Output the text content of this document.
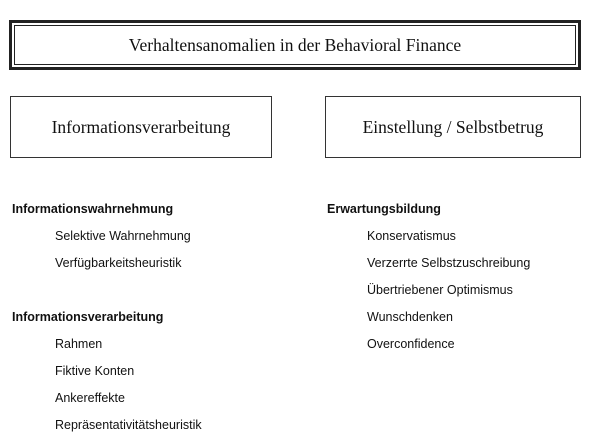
Verhaltensanomalien in der Behavioral Finance
Informationsverarbeitung	Einstellung / Selbstbetrug
Informationswahrnehmung
Selektive Wahrnehmung
Verfügbarkeitsheuristik
Informationsverarbeitung
Rahmen
Fiktive Konten
Ankereffekte
Repräsentativitätsheuristik
Erwartungsbildung
Konservatismus
Verzerrte Selbstzuschreibung
Übertriebener Optimismus
Wunschdenken
Overconfidence
